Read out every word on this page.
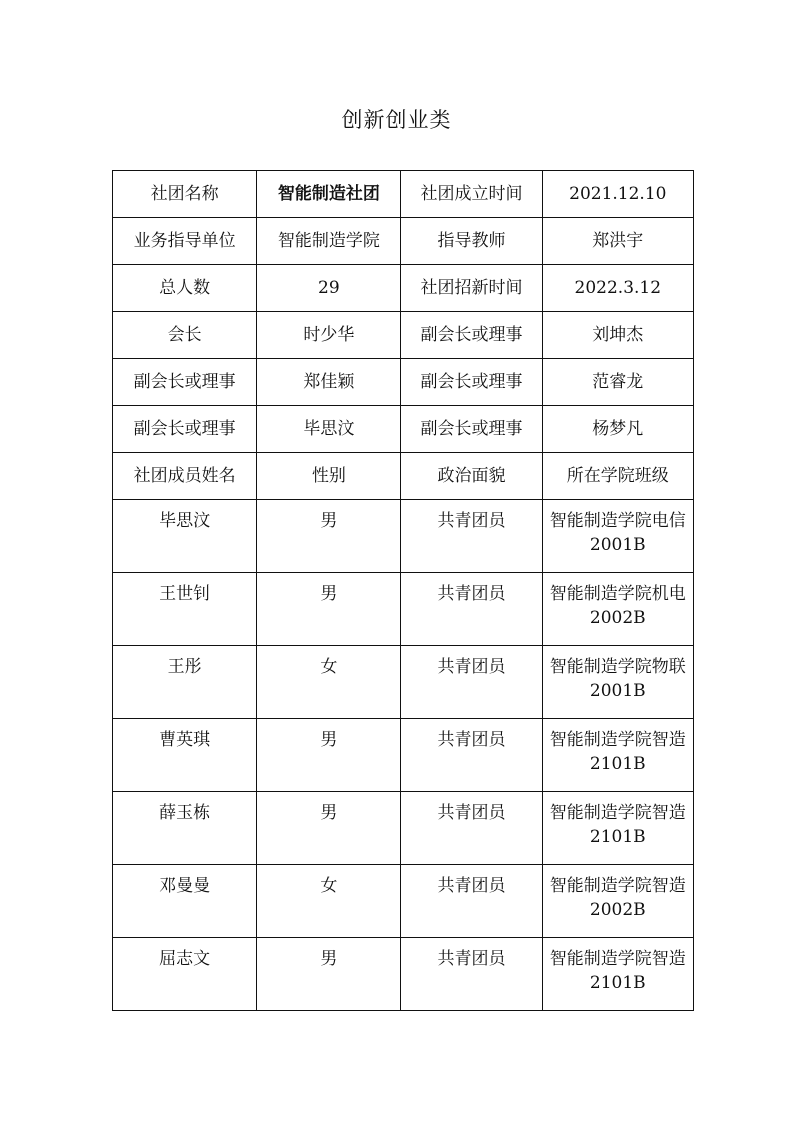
创新创业类
社团名称	智能制造社团	社团成立时间	2021.12.10
业务指导单位	智能制造学院	指导教师	郑洪宇
总人数	29	社团招新时间	2022.3.12
会长	时少华	副会长或理事	刘坤杰
副会长或理事	郑佳颖	副会长或理事	范睿龙
副会长或理事	毕思汶	副会长或理事	杨梦凡
社团成员姓名	性别	政治面貌	所在学院班级
毕思汶	男	共青团员	智能制造学院电信 2001B
王世钊	男	共青团员	智能制造学院机电 2002B
王彤	女	共青团员	智能制造学院物联 2001B
曹英琪	男	共青团员	智能制造学院智造 2101B
薛玉栋	男	共青团员	智能制造学院智造 2101B
邓曼曼	女	共青团员	智能制造学院智造 2002B
屈志文	男	共青团员	智能制造学院智造 2101B
